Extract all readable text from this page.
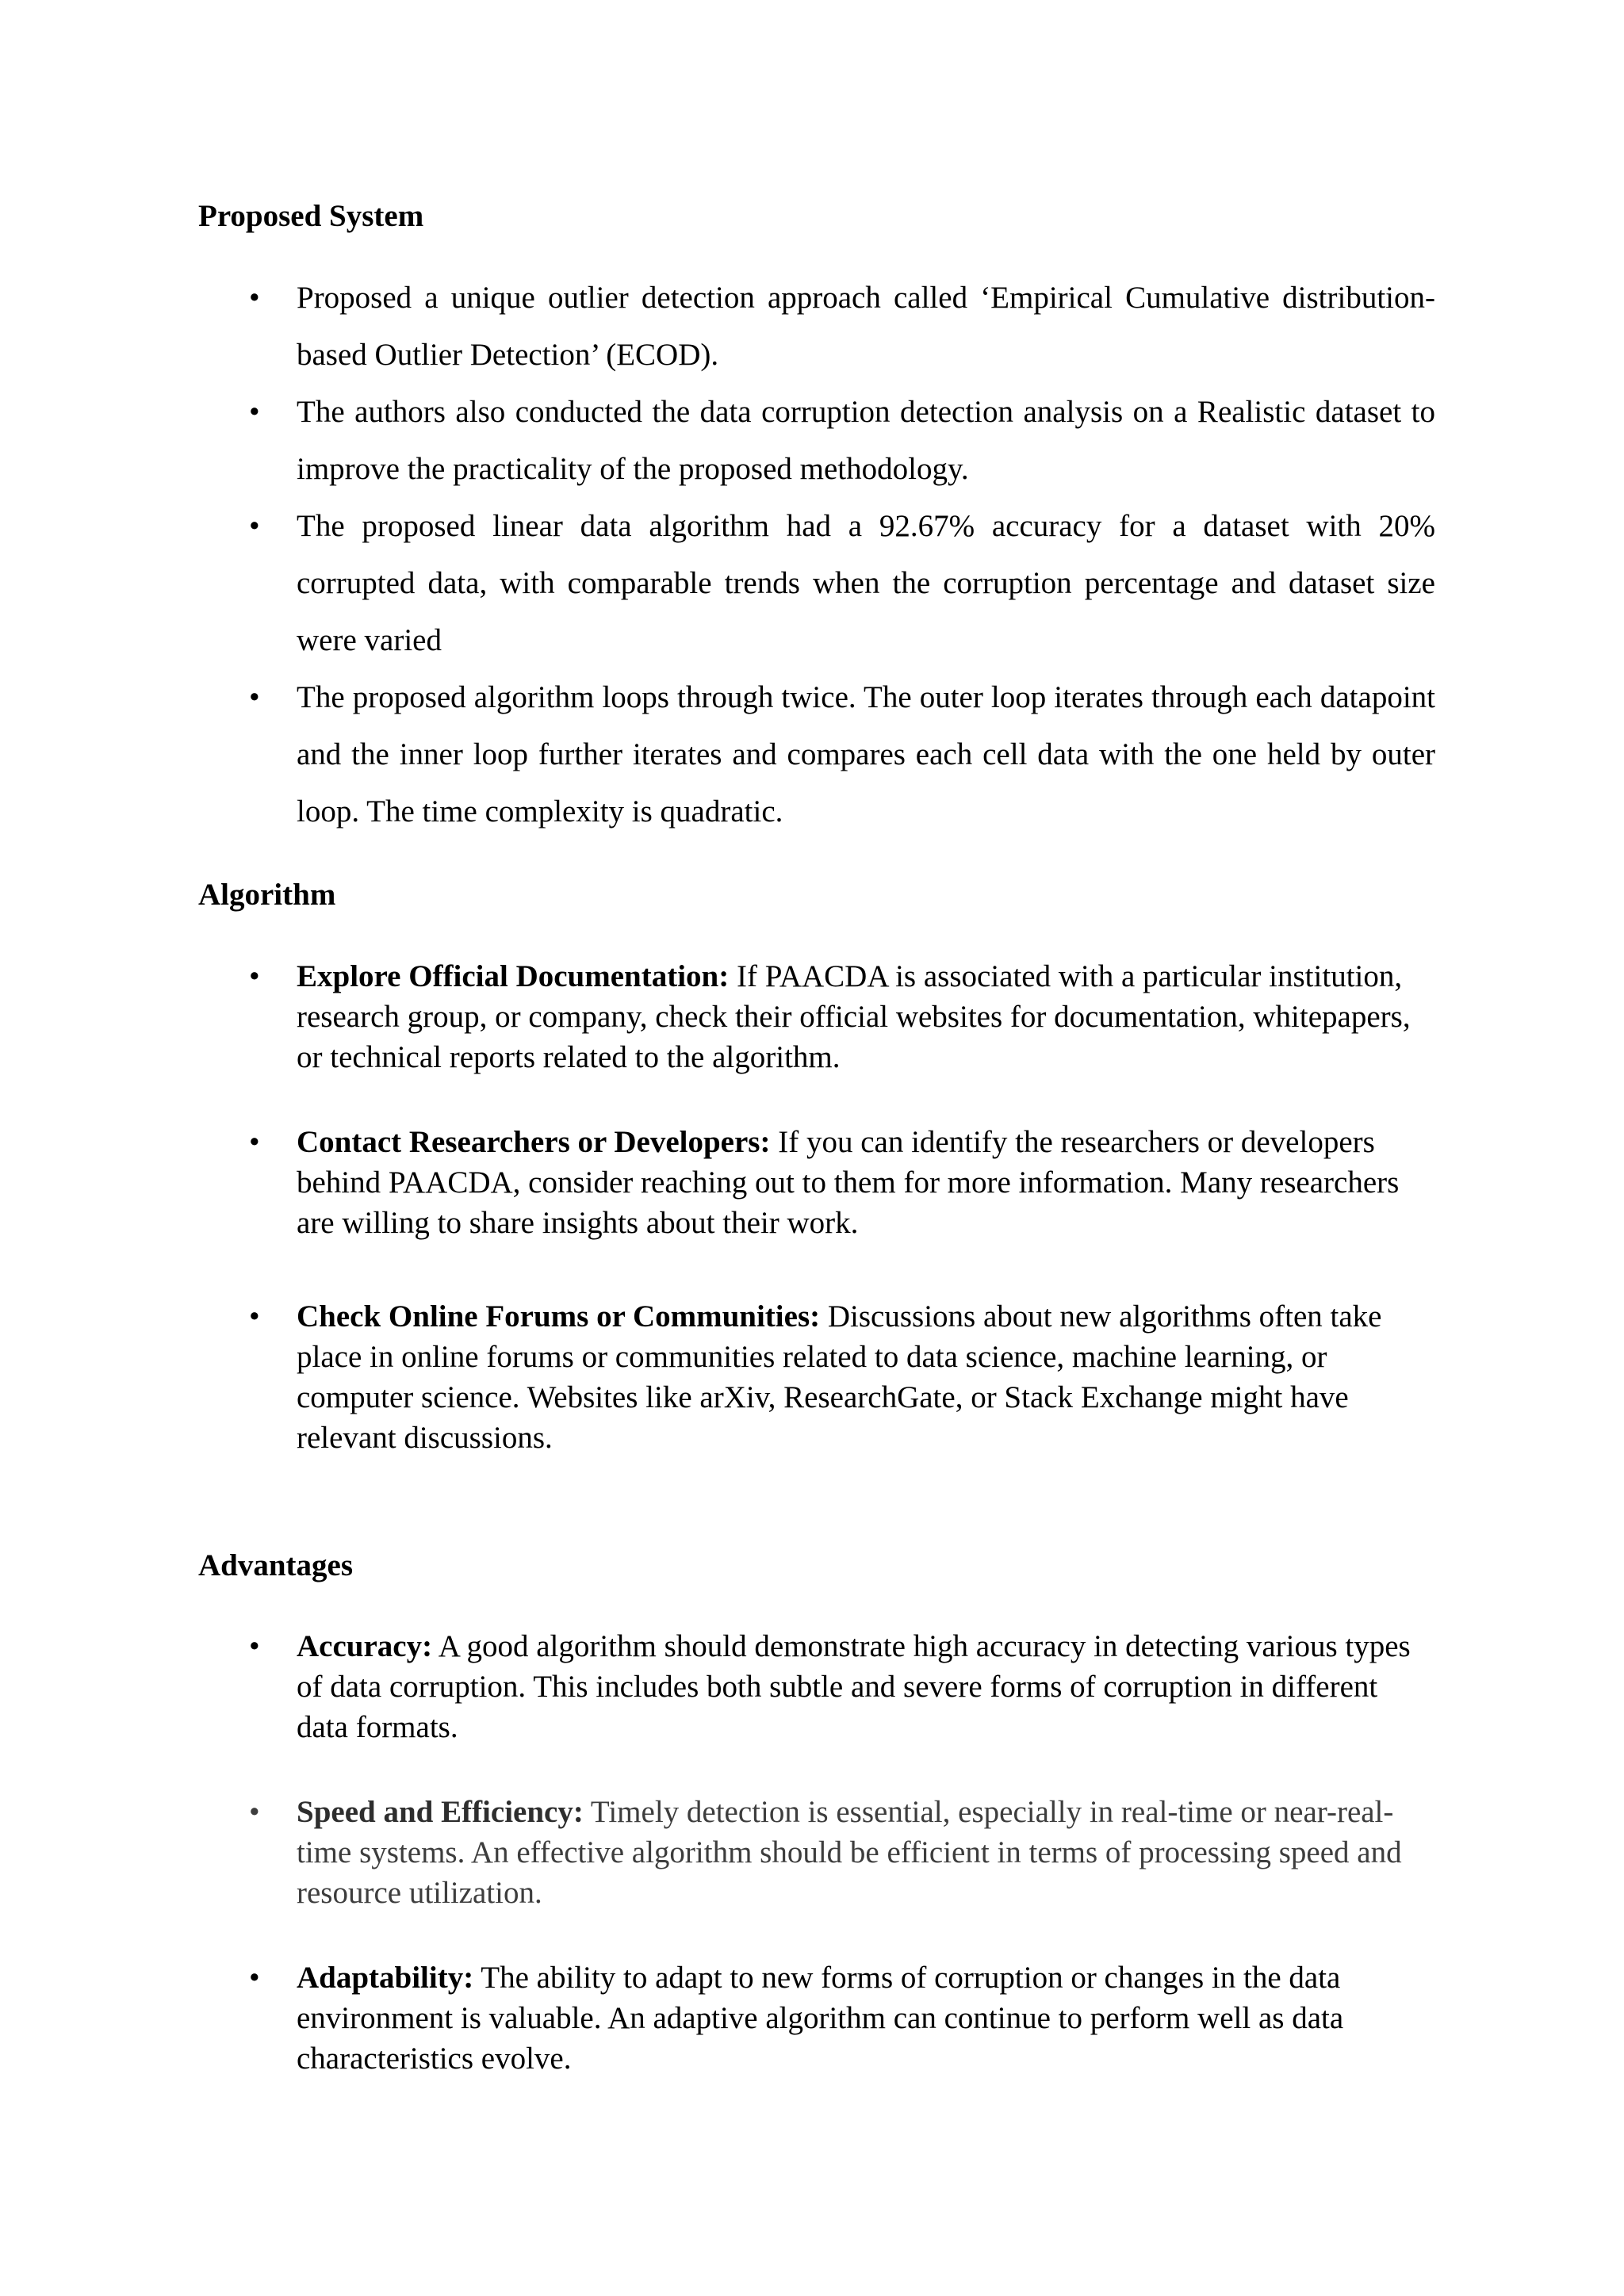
Proposed System
• Proposed a unique outlier detection approach called ‘Empirical Cumulative distribution-based Outlier Detection’ (ECOD).
• The authors also conducted the data corruption detection analysis on a Realistic dataset to improve the practicality of the proposed methodology.
• The proposed linear data algorithm had a 92.67% accuracy for a dataset with 20% corrupted data, with comparable trends when the corruption percentage and dataset size were varied
• The proposed algorithm loops through twice. The outer loop iterates through each datapoint and the inner loop further iterates and compares each cell data with the one held by outer loop. The time complexity is quadratic.
Algorithm
• Explore Official Documentation: If PAACDA is associated with a particular institution, research group, or company, check their official websites for documentation, whitepapers, or technical reports related to the algorithm.
• Contact Researchers or Developers: If you can identify the researchers or developers behind PAACDA, consider reaching out to them for more information. Many researchers are willing to share insights about their work.
• Check Online Forums or Communities: Discussions about new algorithms often take place in online forums or communities related to data science, machine learning, or computer science. Websites like arXiv, ResearchGate, or Stack Exchange might have relevant discussions.
Advantages
• Accuracy: A good algorithm should demonstrate high accuracy in detecting various types of data corruption. This includes both subtle and severe forms of corruption in different data formats.
• Speed and Efficiency: Timely detection is essential, especially in real-time or near-real-time systems. An effective algorithm should be efficient in terms of processing speed and resource utilization.
• Adaptability: The ability to adapt to new forms of corruption or changes in the data environment is valuable. An adaptive algorithm can continue to perform well as data characteristics evolve.
